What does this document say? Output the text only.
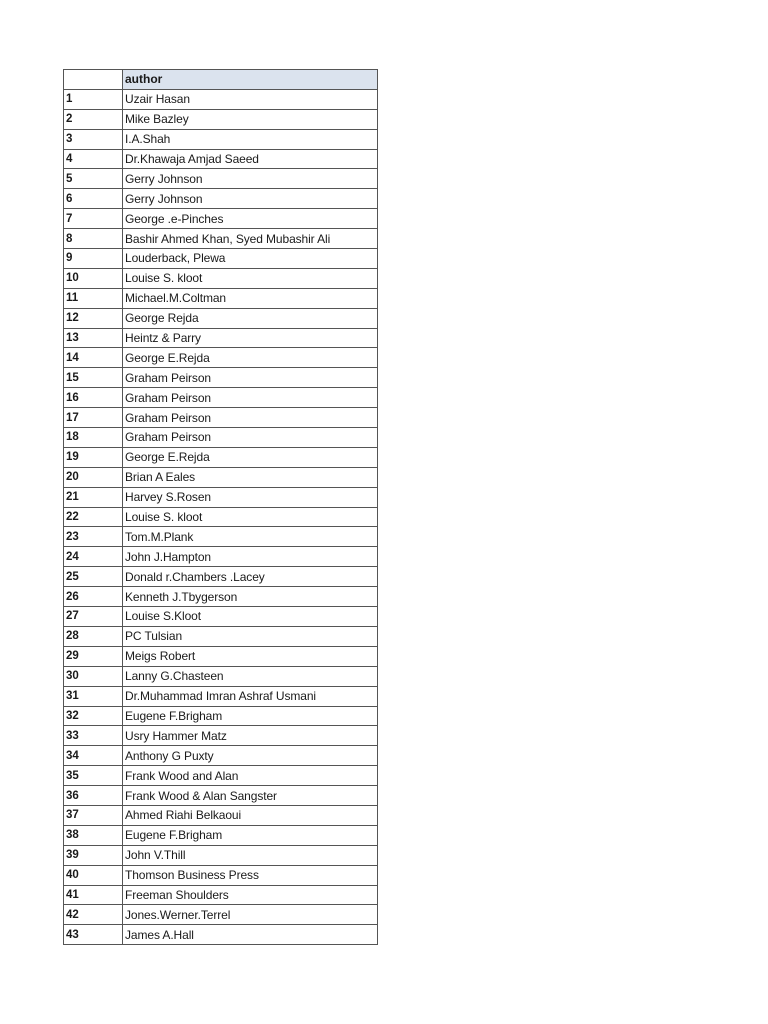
	author
1	Uzair Hasan
2	Mike Bazley
3	I.A.Shah
4	Dr.Khawaja Amjad Saeed
5	Gerry Johnson
6	Gerry Johnson
7	George .e-Pinches
8	Bashir Ahmed Khan, Syed Mubashir Ali
9	Louderback, Plewa
10	Louise S. kloot
11	Michael.M.Coltman
12	George Rejda
13	Heintz & Parry
14	George E.Rejda
15	Graham Peirson
16	Graham Peirson
17	Graham Peirson
18	Graham Peirson
19	George E.Rejda
20	Brian A Eales
21	Harvey S.Rosen
22	Louise S. kloot
23	Tom.M.Plank
24	John J.Hampton
25	Donald r.Chambers .Lacey
26	Kenneth J.Tbygerson
27	Louise S.Kloot
28	PC Tulsian
29	Meigs Robert
30	Lanny G.Chasteen
31	Dr.Muhammad Imran Ashraf Usmani
32	Eugene F.Brigham
33	Usry Hammer Matz
34	Anthony G Puxty
35	Frank Wood and Alan
36	Frank Wood & Alan Sangster
37	Ahmed Riahi Belkaoui
38	Eugene F.Brigham
39	John V.Thill
40	Thomson Business Press
41	Freeman Shoulders
42	Jones.Werner.Terrel
43	James A.Hall
